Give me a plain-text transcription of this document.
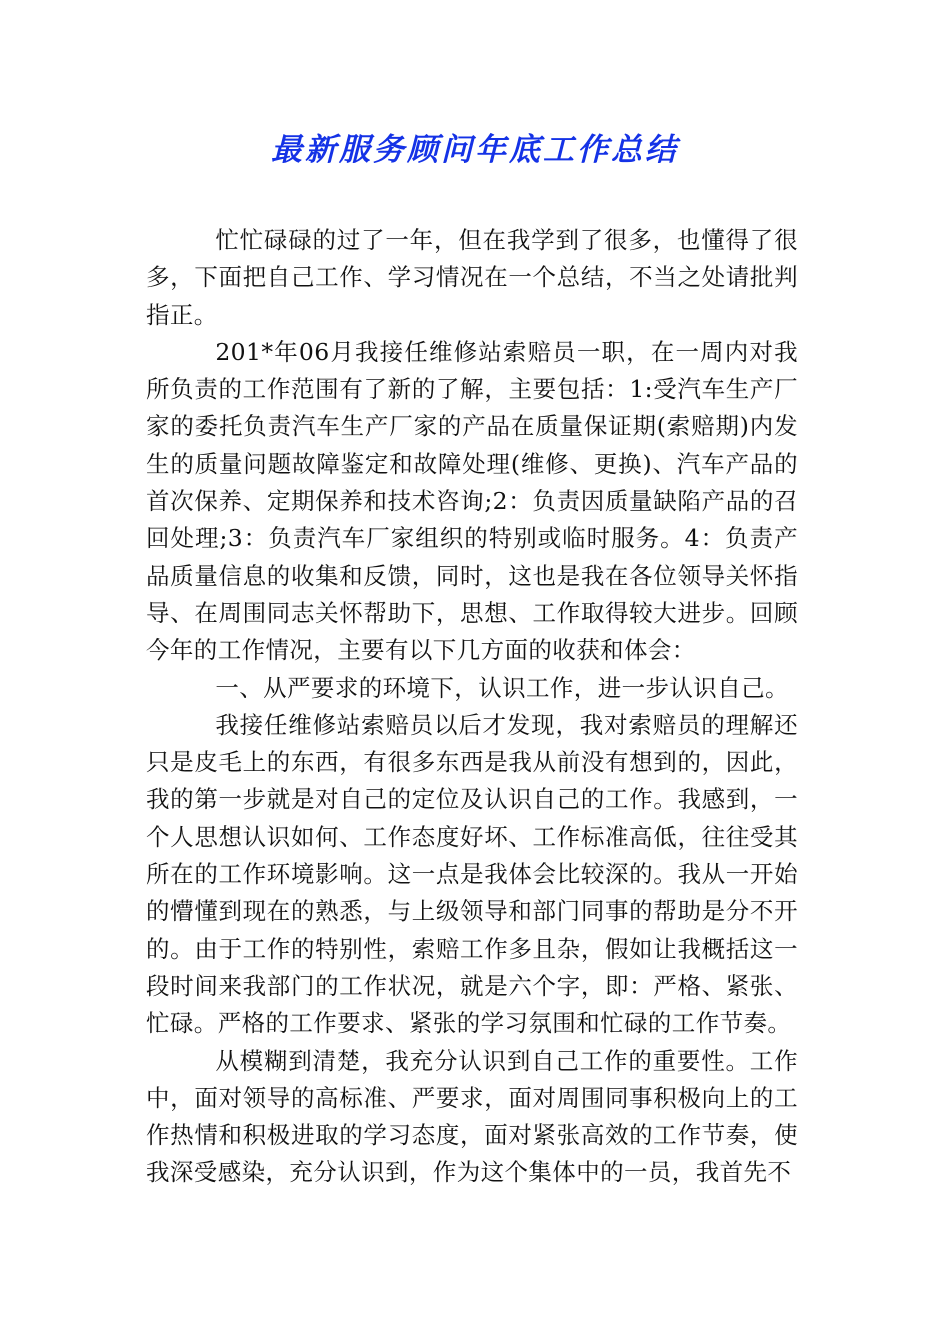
最新服务顾问年底工作总结

忙忙碌碌的过了一年，但在我学到了很多，也懂得了很多，下面把自己工作、学习情况在一个总结，不当之处请批判指正。

201*年06月我接任维修站索赔员一职，在一周内对我所负责的工作范围有了新的了解，主要包括：1:受汽车生产厂家的委托负责汽车生产厂家的产品在质量保证期(索赔期)内发生的质量问题故障鉴定和故障处理(维修、更换)、汽车产品的首次保养、定期保养和技术咨询;2：负责因质量缺陷产品的召回处理;3：负责汽车厂家组织的特别或临时服务。4：负责产品质量信息的收集和反馈，同时，这也是我在各位领导关怀指导、在周围同志关怀帮助下，思想、工作取得较大进步。回顾今年的工作情况，主要有以下几方面的收获和体会：

一、从严要求的环境下，认识工作，进一步认识自己。

我接任维修站索赔员以后才发现，我对索赔员的理解还只是皮毛上的东西，有很多东西是我从前没有想到的，因此，我的第一步就是对自己的定位及认识自己的工作。我感到，一个人思想认识如何、工作态度好坏、工作标准高低，往往受其所在的工作环境影响。这一点是我体会比较深的。我从一开始的懵懂到现在的熟悉，与上级领导和部门同事的帮助是分不开的。由于工作的特别性，索赔工作多且杂，假如让我概括这一段时间来我部门的工作状况，就是六个字，即：严格、紧张、忙碌。严格的工作要求、紧张的学习氛围和忙碌的工作节奏。

从模糊到清楚，我充分认识到自己工作的重要性。工作中，面对领导的高标准、严要求，面对周围同事积极向上的工作热情和积极进取的学习态度，面对紧张高效的工作节奏，使我深受感染，充分认识到，作为这个集体中的一员，我首先不
